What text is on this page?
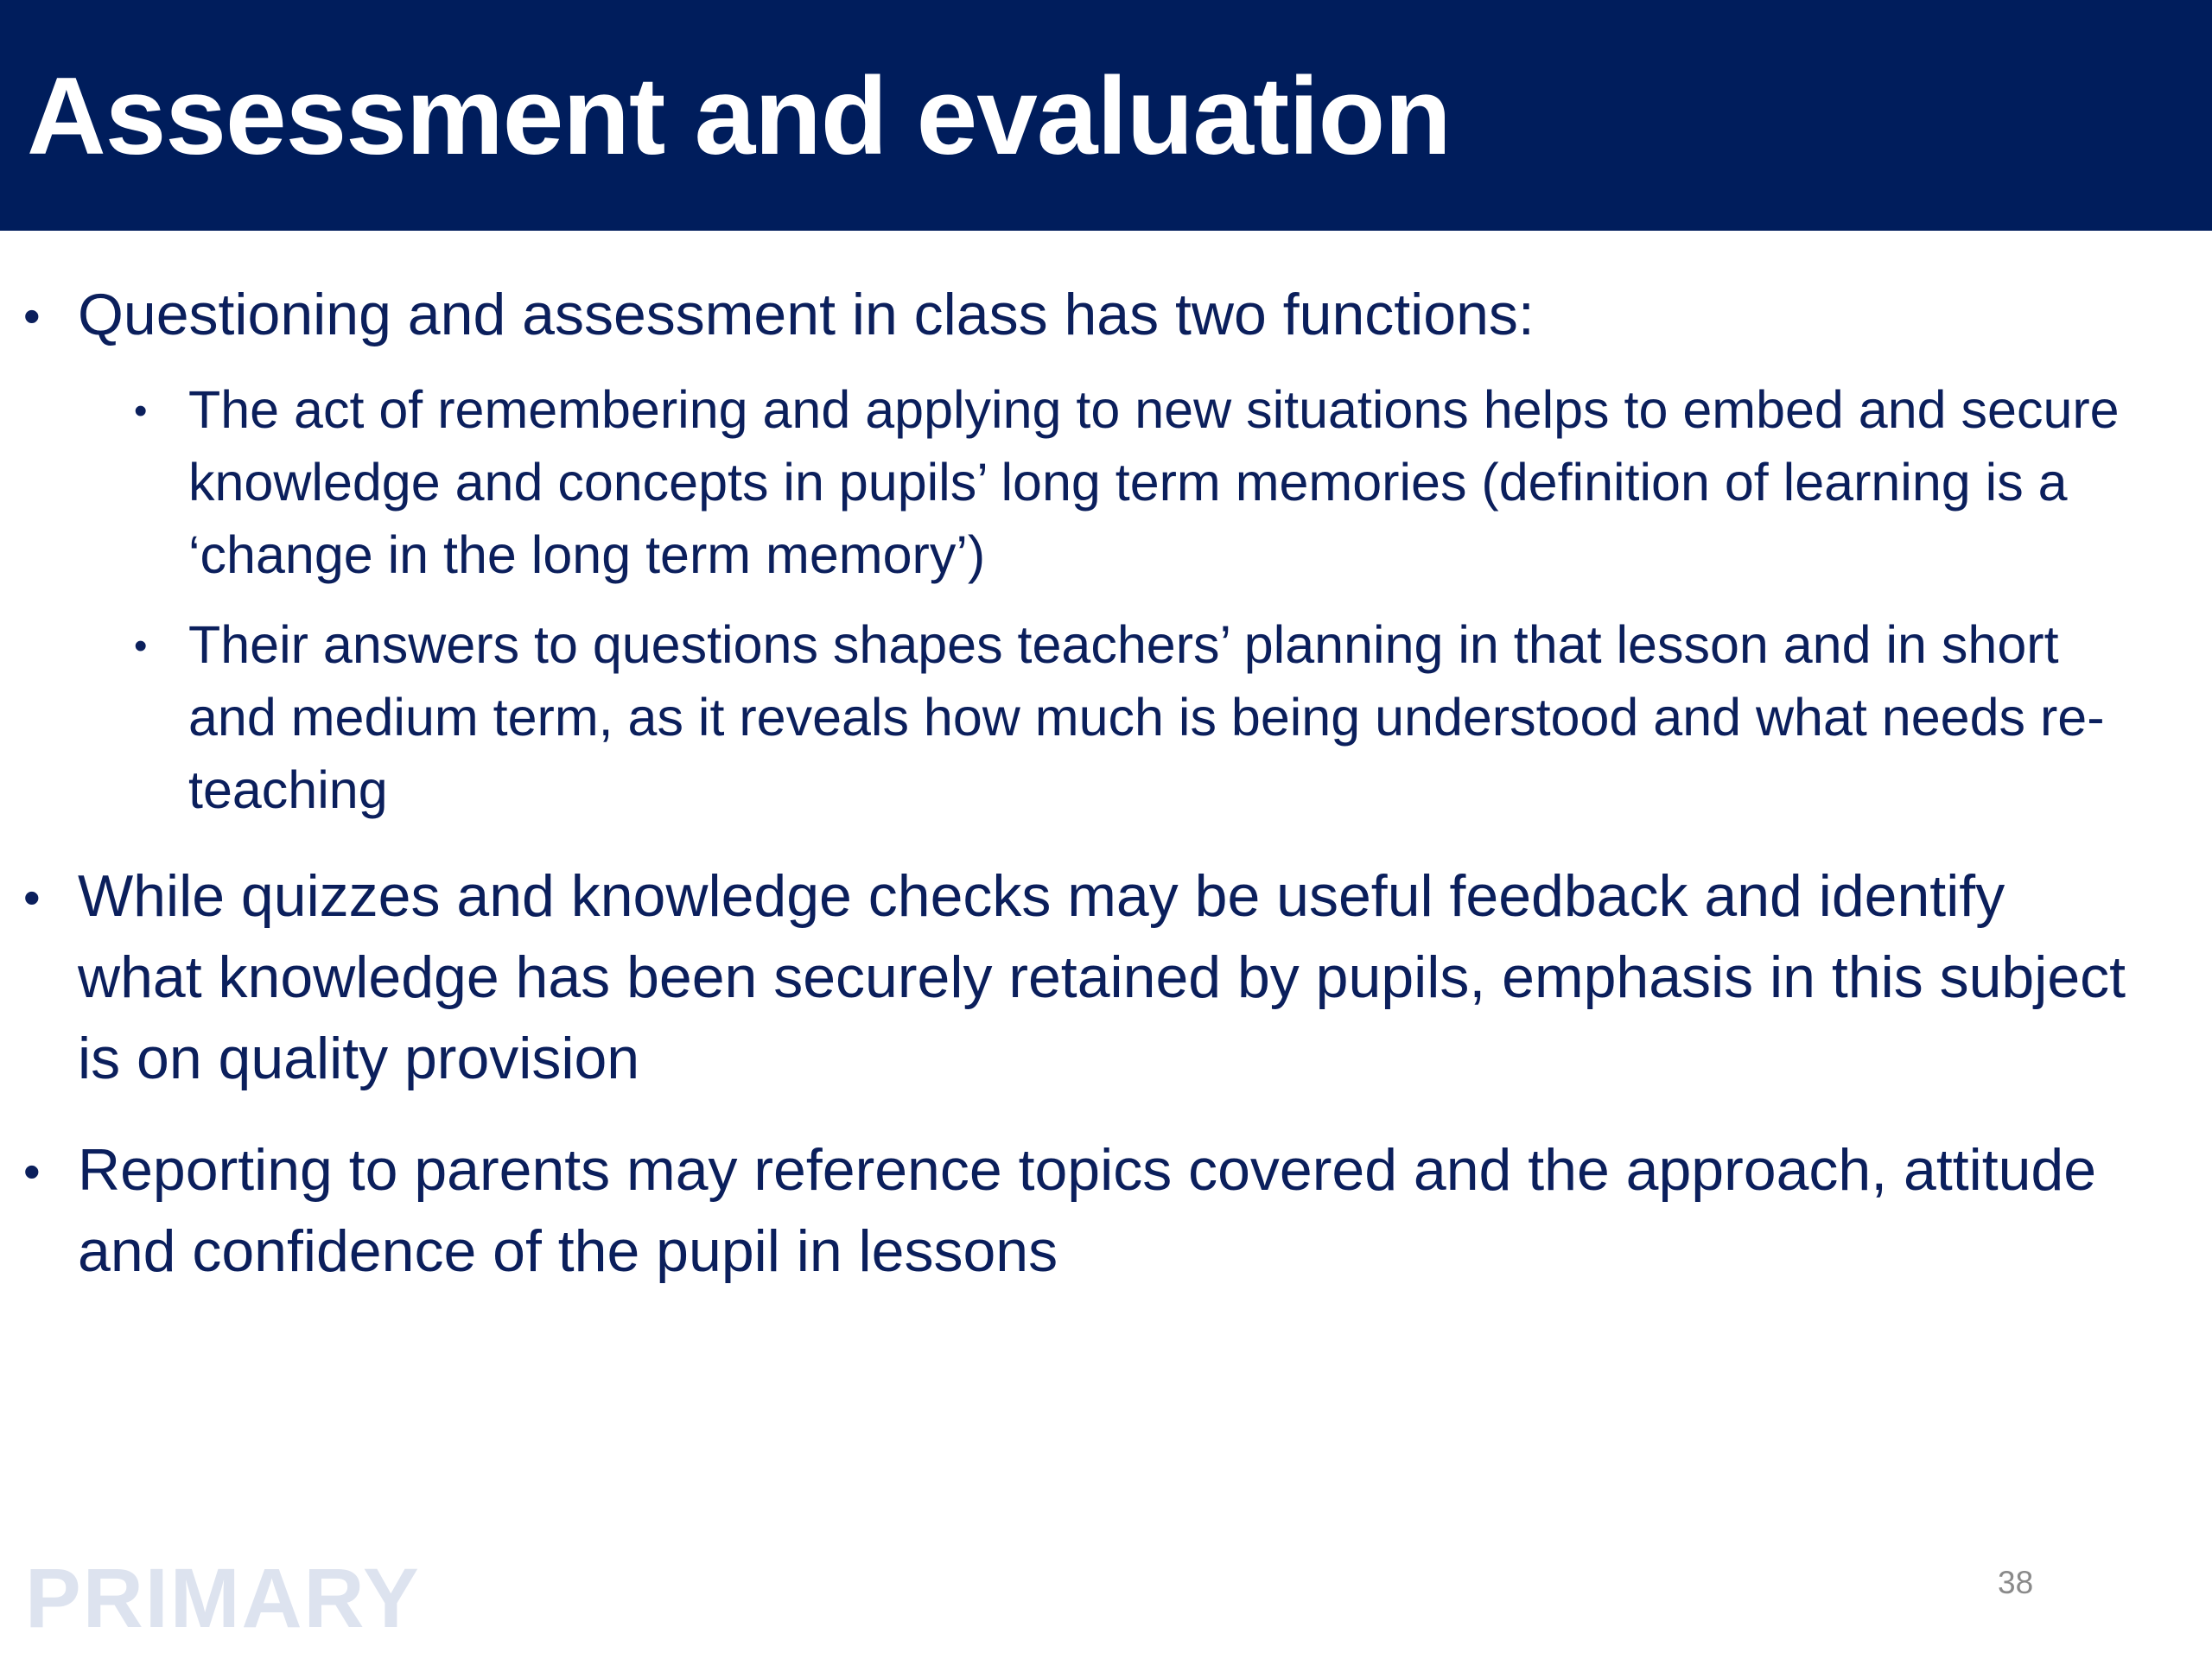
Assessment and evaluation
• Questioning and assessment in class has two functions:
• The act of remembering and applying to new situations helps to embed and secure knowledge and concepts in pupils’ long term memories (definition of learning is a ‘change in the long term memory’)
• Their answers to questions shapes teachers’ planning in that lesson and in short and medium term, as it reveals how much is being understood and what needs re-teaching
• While quizzes and knowledge checks may be useful feedback and identify what knowledge has been securely retained by pupils, emphasis in this subject is on quality provision
• Reporting to parents may reference topics covered and the approach, attitude and confidence of the pupil in lessons
PRIMARY	38
